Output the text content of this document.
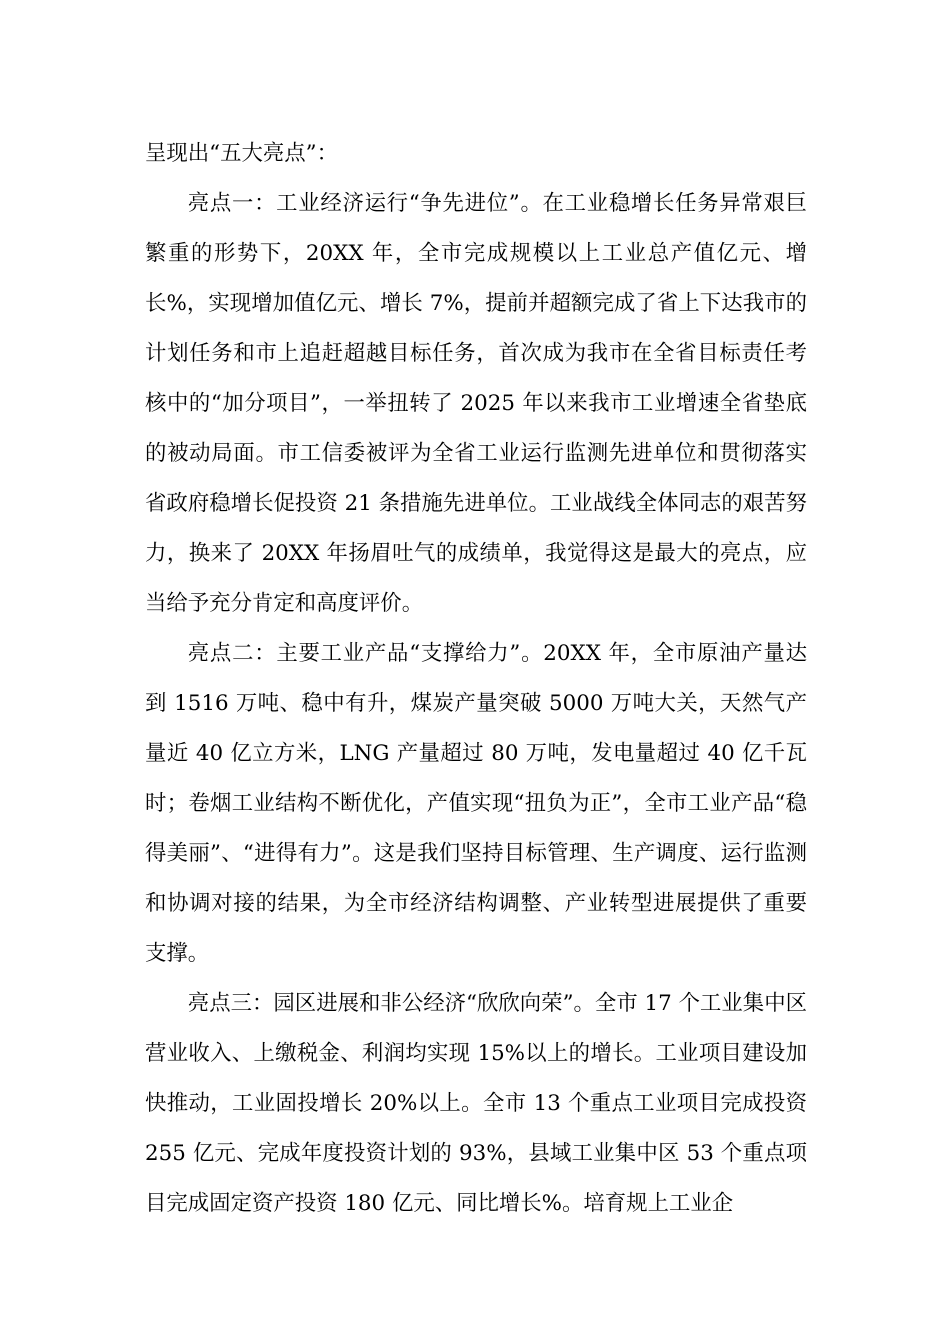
呈现出“五大亮点”：

亮点一：工业经济运行“争先进位”。在工业稳增长任务异常艰巨繁重的形势下，20XX 年，全市完成规模以上工业总产值亿元、增长%，实现增加值亿元、增长 7%，提前并超额完成了省上下达我市的计划任务和市上追赶超越目标任务，首次成为我市在全省目标责任考核中的“加分项目”，一举扭转了 2025 年以来我市工业增速全省垫底的被动局面。市工信委被评为全省工业运行监测先进单位和贯彻落实省政府稳增长促投资 21 条措施先进单位。工业战线全体同志的艰苦努力，换来了 20XX 年扬眉吐气的成绩单，我觉得这是最大的亮点，应当给予充分肯定和高度评价。

亮点二：主要工业产品“支撑给力”。20XX 年，全市原油产量达到 1516 万吨、稳中有升，煤炭产量突破 5000 万吨大关，天然气产量近 40 亿立方米，LNG 产量超过 80 万吨，发电量超过 40 亿千瓦时；卷烟工业结构不断优化，产值实现“扭负为正”，全市工业产品“稳得美丽”、“进得有力”。这是我们坚持目标管理、生产调度、运行监测和协调对接的结果，为全市经济结构调整、产业转型进展提供了重要支撑。

亮点三：园区进展和非公经济“欣欣向荣”。全市 17 个工业集中区营业收入、上缴税金、利润均实现 15%以上的增长。工业项目建设加快推动，工业固投增长 20%以上。全市 13 个重点工业项目完成投资 255 亿元、完成年度投资计划的 93%，县域工业集中区 53 个重点项目完成固定资产投资 180 亿元、同比增长%。培育规上工业企
